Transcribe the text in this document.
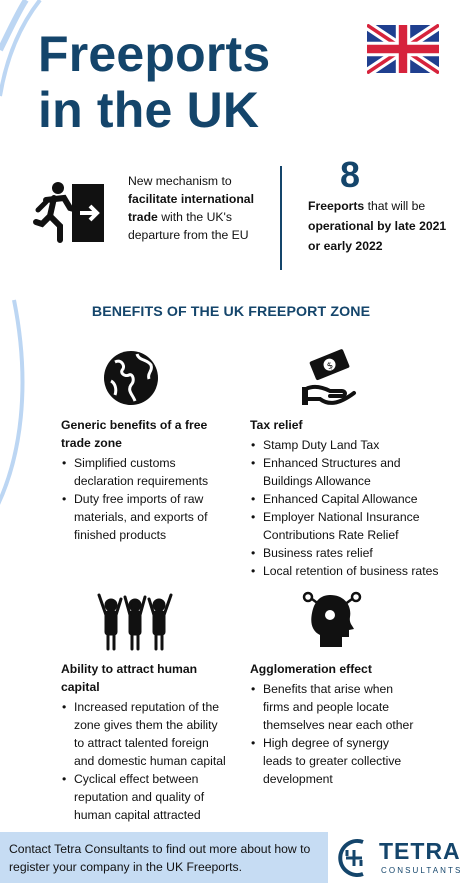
Freeports
in the UK
New mechanism to facilitate international trade with the UK's departure from the EU
8
Freeports that will be operational by late 2021 or early 2022
BENEFITS OF THE UK FREEPORT ZONE
$
Generic benefits of a free trade zone
• Simplified customs declaration requirements
• Duty free imports of raw materials, and exports of finished products
Tax relief
• Stamp Duty Land Tax
• Enhanced Structures and Buildings Allowance
• Enhanced Capital Allowance
• Employer National Insurance Contributions Rate Relief
• Business rates relief
• Local retention of business rates
Ability to attract human capital
• Increased reputation of the zone gives them the ability to attract talented foreign and domestic human capital
• Cyclical effect between reputation and quality of human capital attracted
Agglomeration effect
• Benefits that arise when firms and people locate themselves near each other
• High degree of synergy leads to greater collective development
Contact Tetra Consultants to find out more about how to register your company in the UK Freeports.
TETRA
CONSULTANTS
